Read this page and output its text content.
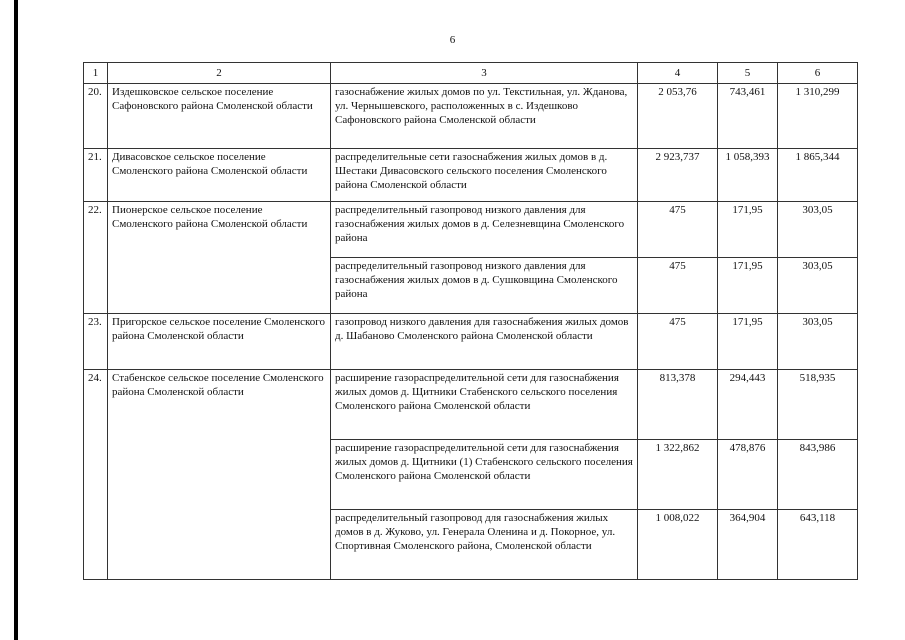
6
1	2	3	4	5	6
20.	Издешковское сельское поселение Сафоновского района Смоленской области	газоснабжение жилых домов по ул. Текстильная, ул. Жданова, ул. Чернышевского, расположенных в с. Издешково Сафоновского района Смоленской области	2 053,76	743,461	1 310,299
21.	Дивасовское сельское поселение Смоленского района Смоленской области	распределительные сети газоснабжения жилых домов в д. Шестаки Дивасовского сельского поселения Смоленского района Смоленской области	2 923,737	1 058,393	1 865,344
22.	Пионерское сельское поселение Смоленского района Смоленской области	распределительный газопровод низкого давления для газоснабжения жилых домов в д. Селезневщина Смоленского района	475	171,95	303,05
		распределительный газопровод низкого давления для газоснабжения жилых домов в д. Сушковщина Смоленского района	475	171,95	303,05
23.	Пригорское сельское поселение Смоленского района Смоленской области	газопровод низкого давления для газоснабжения жилых домов д. Шабаново Смоленского района Смоленской области	475	171,95	303,05
24.	Стабенское сельское поселение Смоленского района Смоленской области	расширение газораспределительной сети для газоснабжения жилых домов д. Щитники Стабенского сельского поселения Смоленского района Смоленской области	813,378	294,443	518,935
		расширение газораспределительной сети для газоснабжения жилых домов д. Щитники (1) Стабенского сельского поселения Смоленского района Смоленской области	1 322,862	478,876	843,986
		распределительный газопровод для газоснабжения жилых домов в д. Жуково, ул. Генерала Оленина и д. Покорное, ул. Спортивная Смоленского района, Смоленской области	1 008,022	364,904	643,118
